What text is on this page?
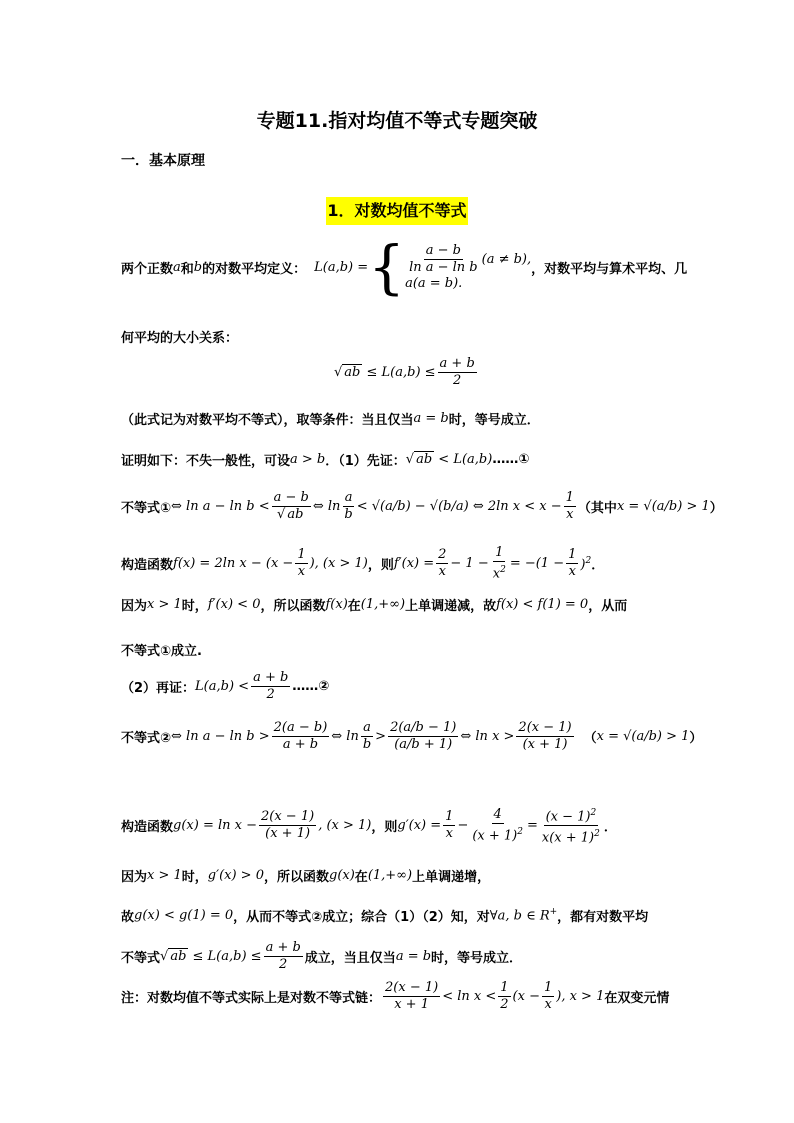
专题11.指对均值不等式专题突破
一．基本原理
1．对数均值不等式
两个正数 a 和 b 的对数平均定义： L(a,b) = { $\frac{a - b}{\text{ln a − ln b}} (a \ne b)$,
a(a = b).
，对数平均与算术平均、几
何平均的大小关系：
√ ab ≤ $L(a,b) \le \frac{a + b}{2}$
（此式记为对数平均不等式），取等条件：当且仅当 a = b 时，等号成立．
证明如下：不失一般性，可设 a > b ．（1）先证： √ ab < L(a,b) ……①
不等式① ⇔ $\ln a - \ln b < \frac{a - b}{√ ab}$ ⇔ $\ln \frac{a}{b} < √(a/b) - √(b/a)$ ⇔ 2ln $x < x - \frac{1}{x}$ （其中 x = √(a/b) > 1 ）
构造函数 f(x) = 2ln $x - (x - \frac{1}{x}$ ), (x > 1) ，则 $f'(x) = \frac{2}{x} - 1 - \frac{1}{x^2} = -(1 - \frac{1}{x} )^2$ ．
因为 x > 1 时， f′(x) < 0 ，所以函数 f(x) 在 (1,+∞) 上单调递减，故 f(x) < f(1) = 0 ，从而
不等式①成立.
（2）再证： $L(a,b) < \frac{a + b}{2}$ ……②
不等式② ⇔ $\ln a - \ln b > \frac{2(a - b)}{a + b}$ ⇔ $\ln \frac{a}{b} > \frac{2(a/b - 1)}{(a/b + 1)}$ ⇔ $\ln x > \frac{2(x - 1)}{(x + 1)}$ （ x = √(a/b) > 1 ）
构造函数 $g(x) = \ln x - \frac{2(x - 1)}{(x + 1)}$ , (x > 1) ，则 $g'(x) = \frac{1}{x} - \frac{4}{(x + 1)^2} = \frac{(x - 1)^2}{x(x + 1)^2}$ ．
因为 x > 1 时， g′(x) > 0 ，所以函数 g(x) 在 (1,+∞) 上单调递增，
故 g(x) < g(1) = 0 ，从而不等式②成立；综合（1）（2）知，对 ∀a, b ∈ R+ ，都有对数平均
不等式 √ ab ≤ $L(a,b) \le \frac{a + b}{2}$ 成立，当且仅当 a = b 时，等号成立．
注：对数均值不等式实际上是对数不等式链： $\frac{2(x - 1)}{x + 1} < \ln x < \frac{1}{2} (x - \frac{1}{x}$ ), x > 1 在双变元情
